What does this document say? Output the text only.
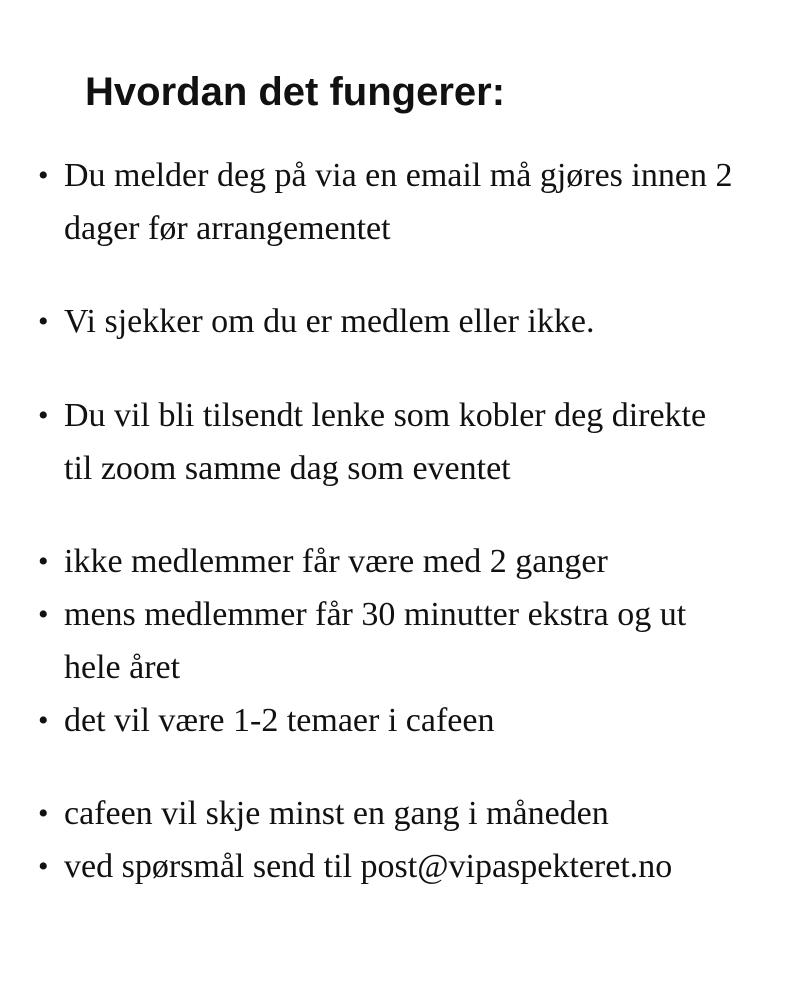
Hvordan det fungerer:
• Du melder deg på via en email må gjøres innen 2 dager før arrangementet
• Vi sjekker om du er medlem eller ikke.
• Du vil bli tilsendt lenke som kobler deg direkte til zoom samme dag som eventet
• ikke medlemmer får være med 2 ganger
• mens medlemmer får 30 minutter ekstra og ut hele året
• det vil være 1-2 temaer i cafeen
• cafeen vil skje minst en gang i måneden
• ved spørsmål send til post@vipaspekteret.no
